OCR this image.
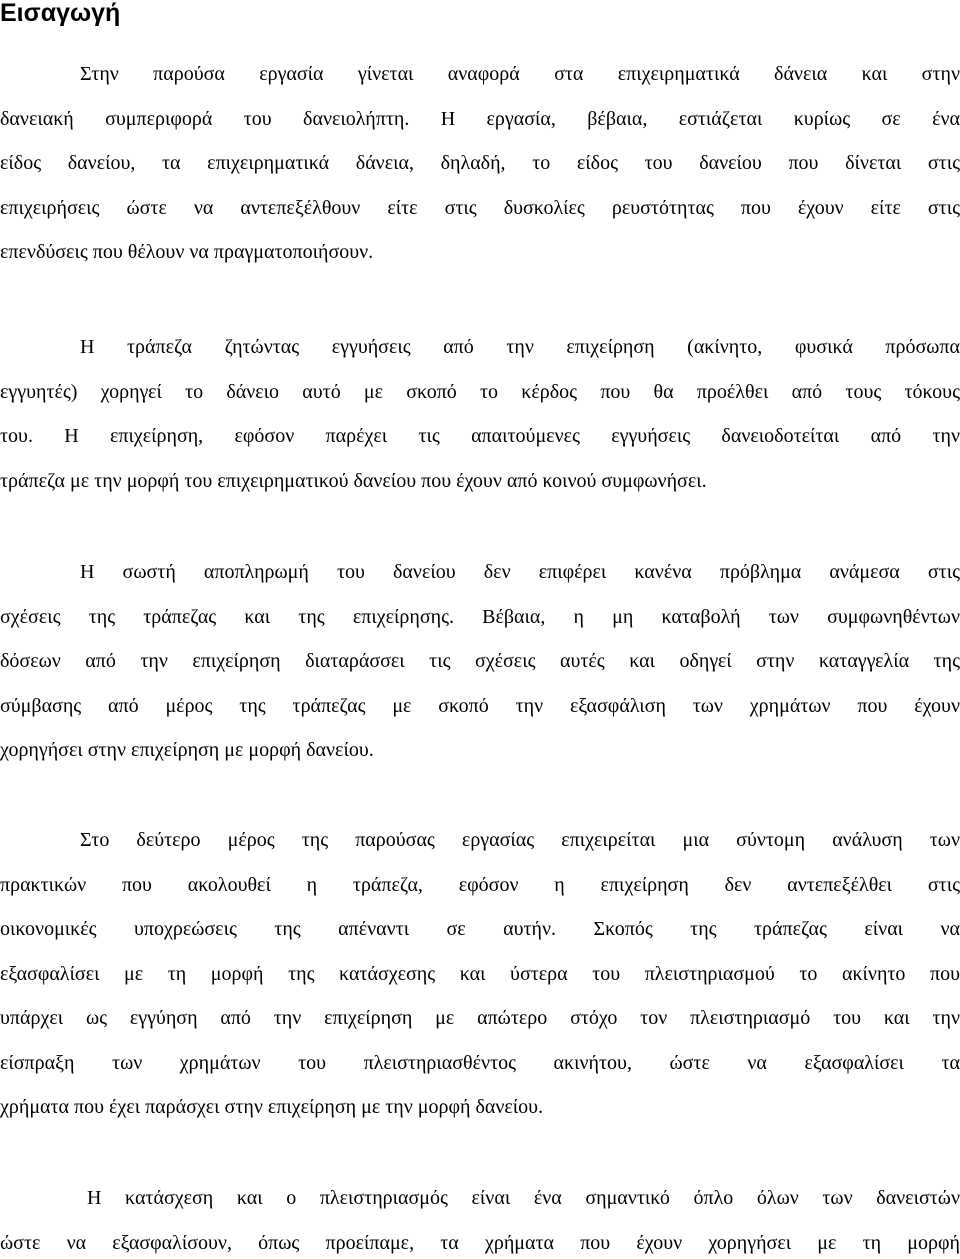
Εισαγωγή
Στην παρούσα εργασία γίνεται αναφορά στα επιχειρηματικά δάνεια και στην
δανειακή συμπεριφορά του δανειολήπτη. Η εργασία, βέβαια, εστιάζεται κυρίως σε ένα
είδος δανείου, τα επιχειρηματικά δάνεια, δηλαδή, το είδος του δανείου που δίνεται στις
επιχειρήσεις ώστε να αντεπεξέλθουν είτε στις δυσκολίες ρευστότητας που έχουν είτε στις
επενδύσεις που θέλουν να πραγματοποιήσουν.
Η τράπεζα ζητώντας εγγυήσεις από την επιχείρηση (ακίνητο, φυσικά πρόσωπα
εγγυητές) χορηγεί το δάνειο αυτό με σκοπό το κέρδος που θα προέλθει από τους τόκους
του. Η επιχείρηση, εφόσον παρέχει τις απαιτούμενες εγγυήσεις δανειοδοτείται από την
τράπεζα με την μορφή του επιχειρηματικού δανείου που έχουν από κοινού συμφωνήσει.
Η σωστή αποπληρωμή του δανείου δεν επιφέρει κανένα πρόβλημα ανάμεσα στις
σχέσεις της τράπεζας και της επιχείρησης. Βέβαια, η μη καταβολή των συμφωνηθέντων
δόσεων από την επιχείρηση διαταράσσει τις σχέσεις αυτές και οδηγεί στην καταγγελία της
σύμβασης από μέρος της τράπεζας με σκοπό την εξασφάλιση των χρημάτων που έχουν
χορηγήσει στην επιχείρηση με μορφή δανείου.
Στο δεύτερο μέρος της παρούσας εργασίας επιχειρείται μια σύντομη ανάλυση των
πρακτικών που ακολουθεί η τράπεζα, εφόσον η επιχείρηση δεν αντεπεξέλθει στις
οικονομικές υποχρεώσεις της απέναντι σε αυτήν. Σκοπός της τράπεζας είναι να
εξασφαλίσει με τη μορφή της κατάσχεσης και ύστερα του πλειστηριασμού το ακίνητο που
υπάρχει ως εγγύηση από την επιχείρηση με απώτερο στόχο τον πλειστηριασμό του και την
είσπραξη των χρημάτων του πλειστηριασθέντος ακινήτου, ώστε να εξασφαλίσει τα
χρήματα που έχει παράσχει στην επιχείρηση με την μορφή δανείου.
Η κατάσχεση και ο πλειστηριασμός είναι ένα σημαντικό όπλο όλων των δανειστών
ώστε να εξασφαλίσουν, όπως προείπαμε, τα χρήματα που έχουν χορηγήσει με τη μορφή
